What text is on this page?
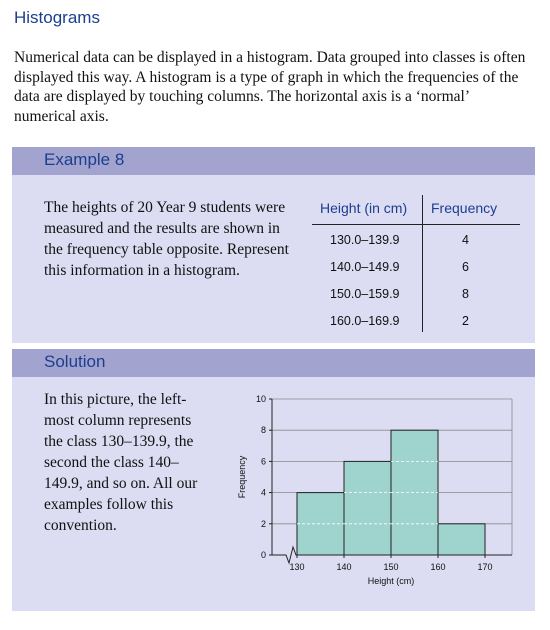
Histograms

Numerical data can be displayed in a histogram. Data grouped into classes is often displayed this way. A histogram is a type of graph in which the frequencies of the data are displayed by touching columns. The horizontal axis is a ‘normal’ numerical axis.

Example 8

The heights of 20 Year 9 students were measured and the results are shown in the frequency table opposite. Represent this information in a histogram.

Height (in cm) Frequency
130.0–139.9	4
140.0–149.9	6
150.0–159.9	8
160.0–169.9	2
Solution

In this picture, the left-most column represents the class 130–139.9, the second the class 140–149.9, and so on. All our examples follow this convention.

0
2
4
6
8
10
130	140	150	160	170
Height (cm)
Frequency
